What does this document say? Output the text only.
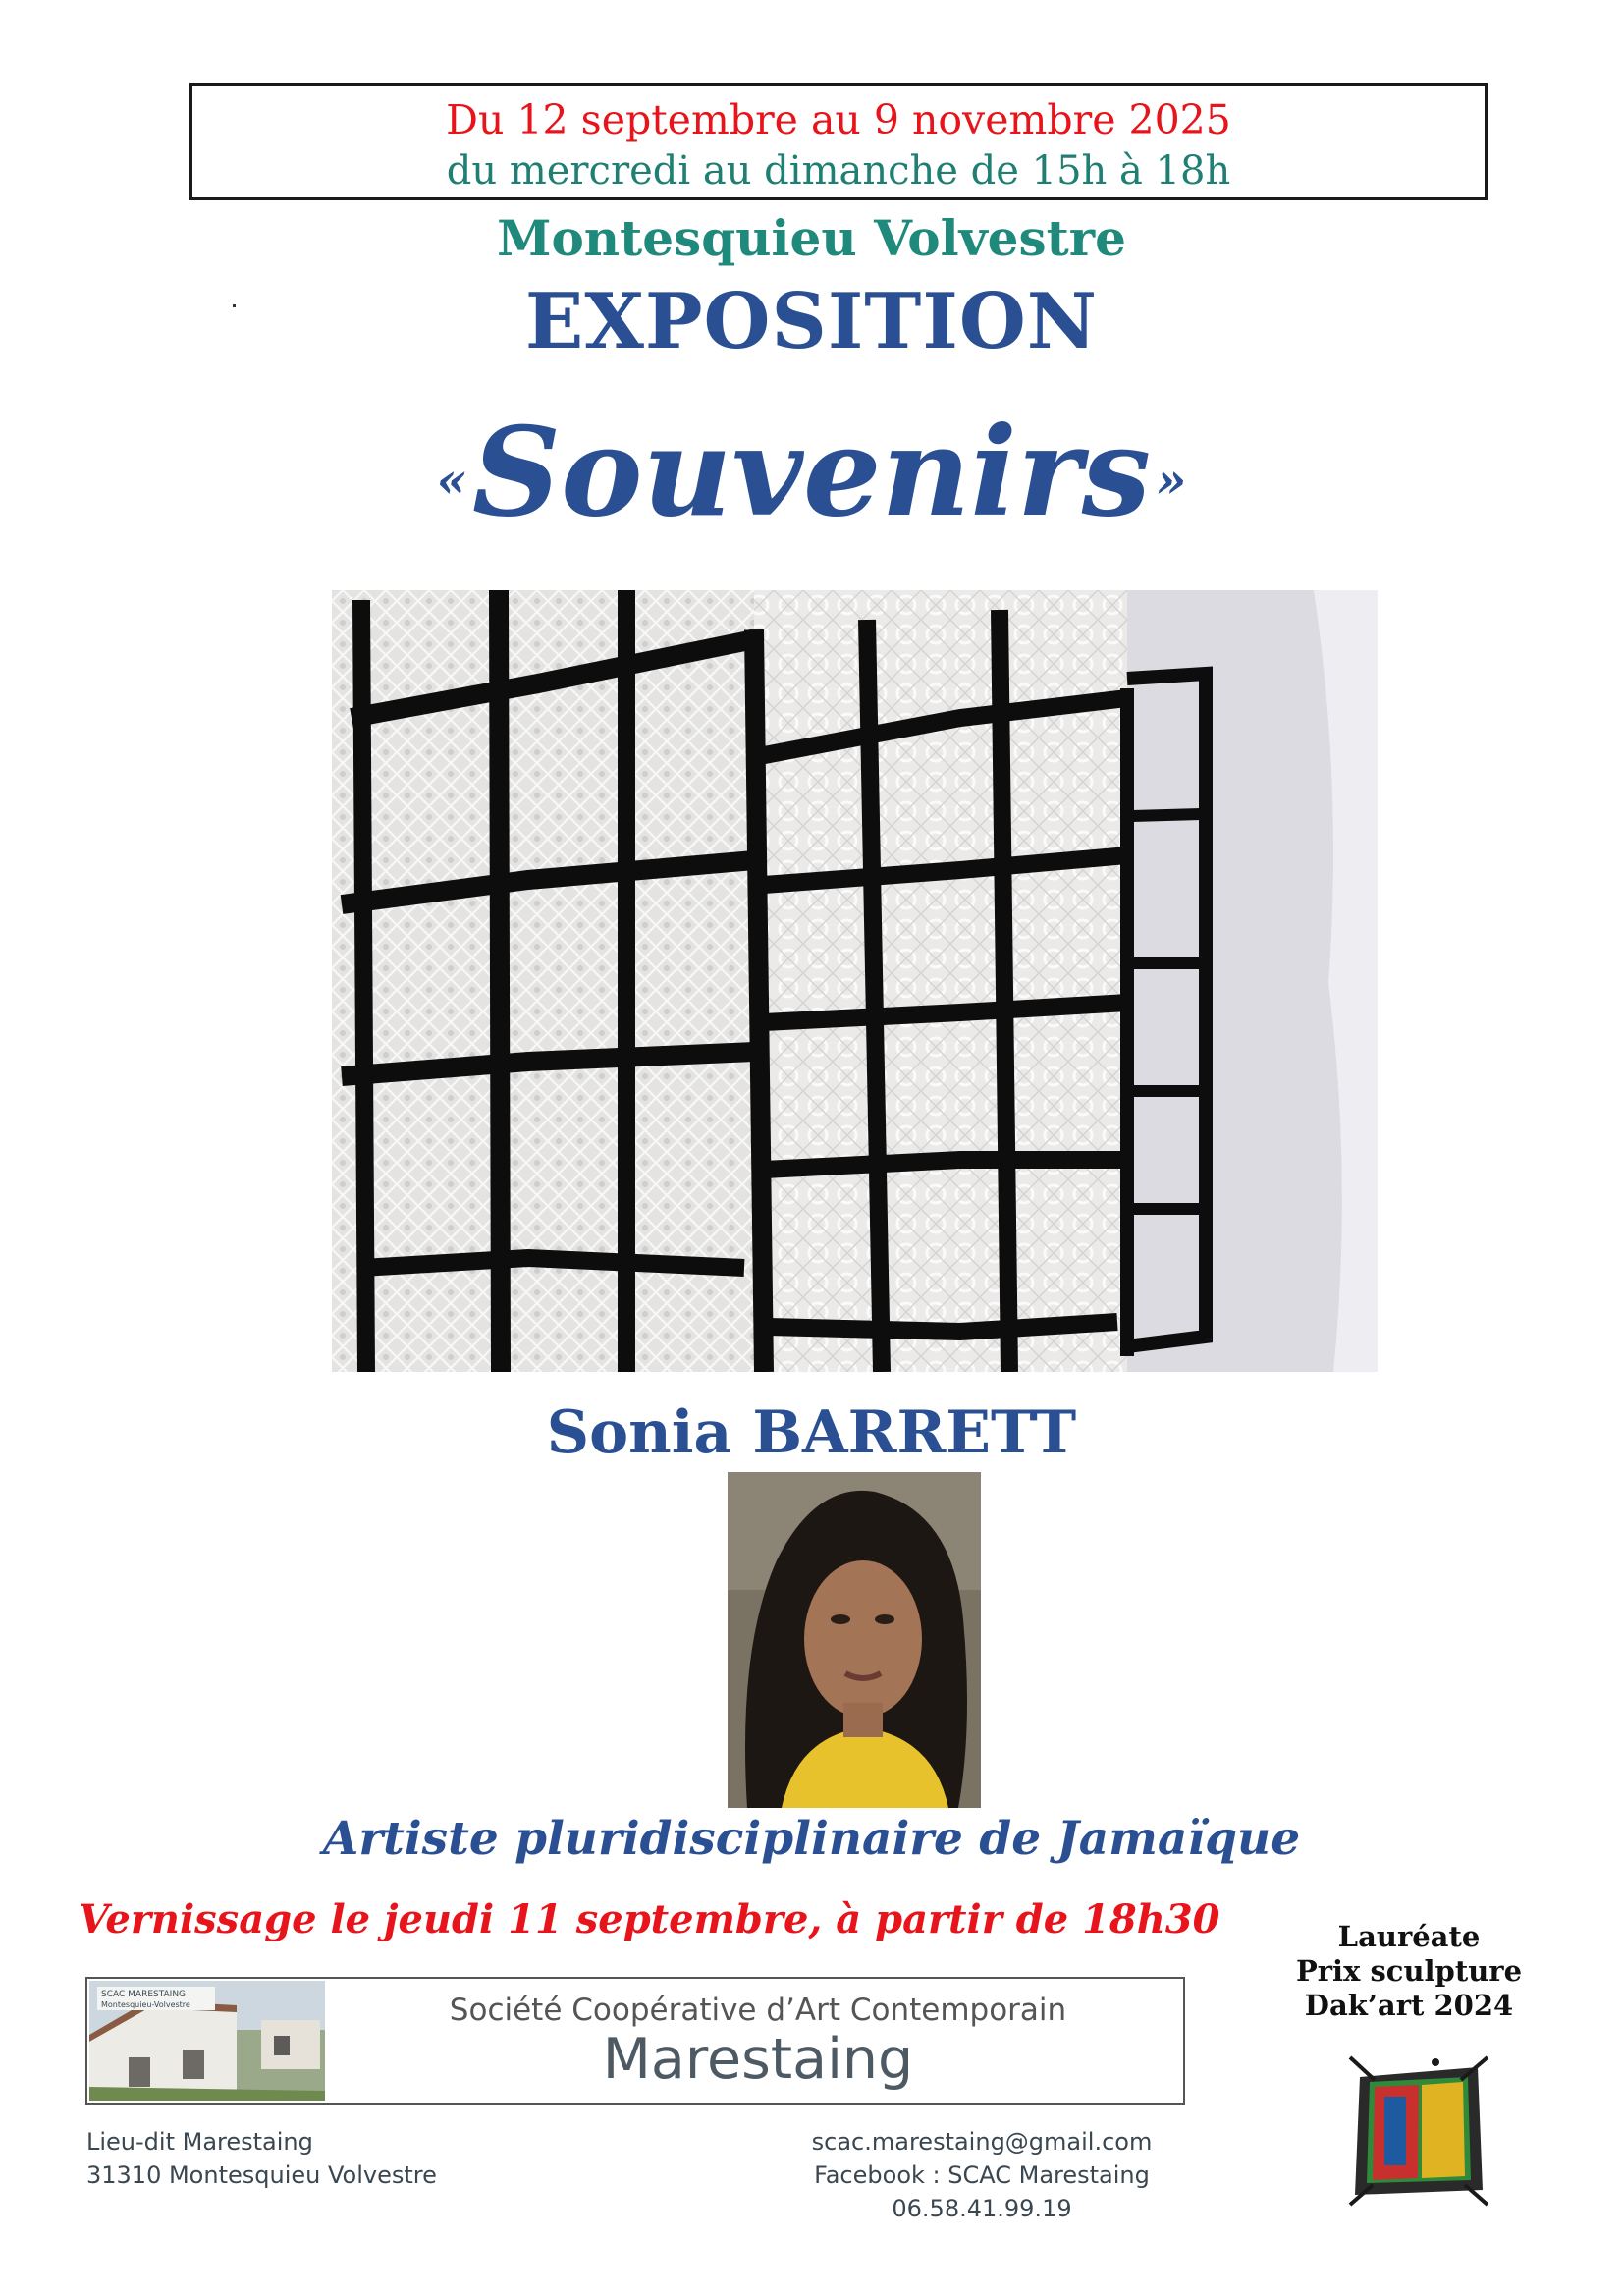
Du 12 septembre au 9 novembre 2025
du mercredi au dimanche de 15h à 18h
Montesquieu Volvestre
EXPOSITION
« Souvenirs »
Sonia BARRETT
Artiste pluridisciplinaire de Jamaïque
Vernissage le jeudi 11 septembre, à partir de 18h30	Lauréate
Prix sculpture
Dak’art 2024
SCAC MARESTAING
Montesquieu-Volvestre	Société Coopérative d’Art Contemporain
Marestaing
Lieu-dit Marestaing
31310 Montesquieu Volvestre
scac.marestaing@gmail.com
Facebook : SCAC Marestaing
06.58.41.99.19
